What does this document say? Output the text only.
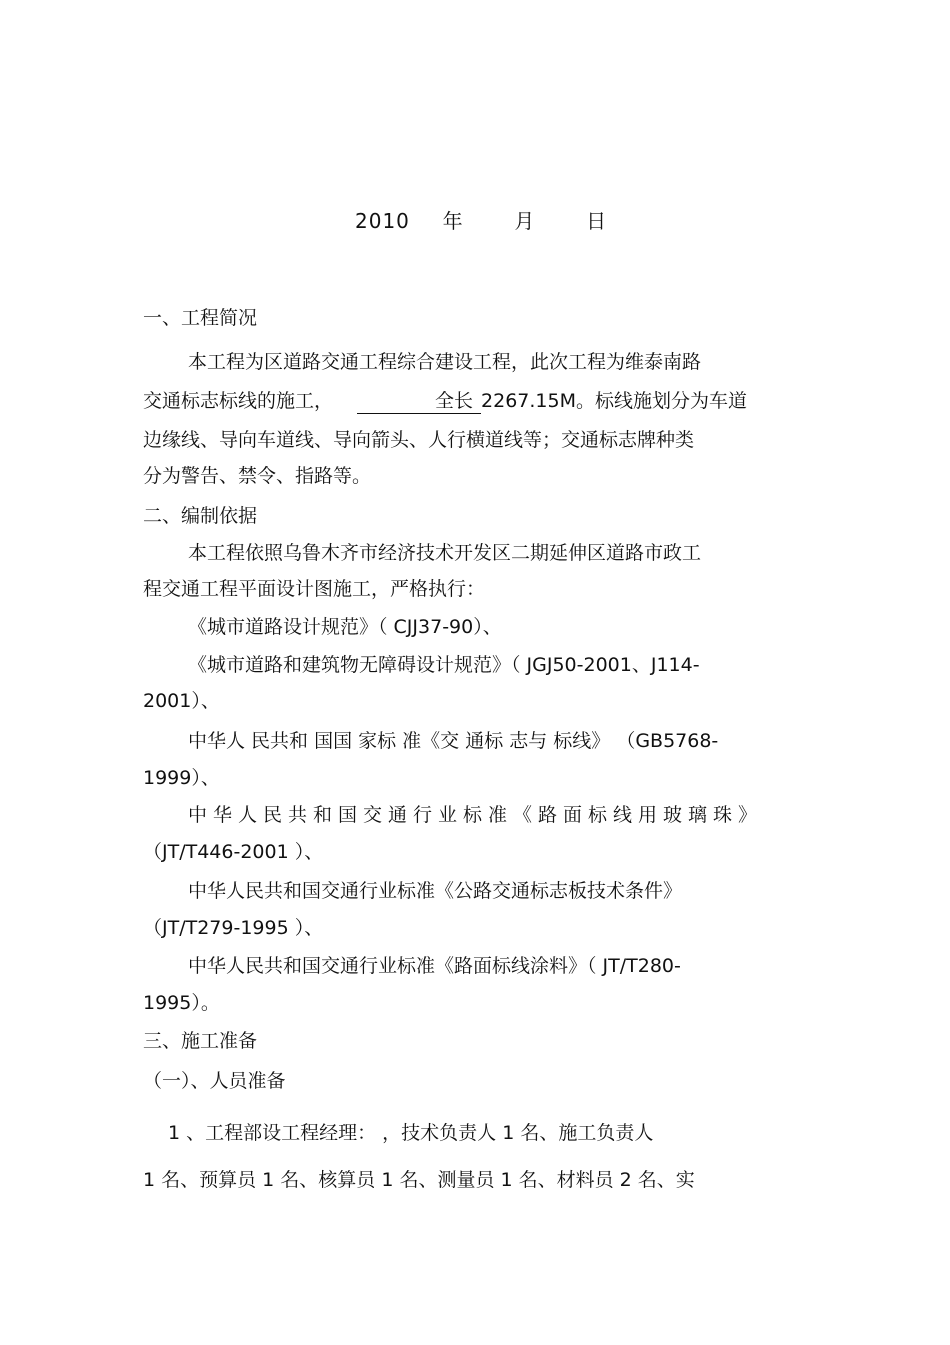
2010 年	月	日
一、工程简况
本工程为区道路交通工程综合建设工程，此次工程为维泰南路
交通标志标线的施工，	全长 2267.15M。标线施划分为车道
边缘线、导向车道线、导向箭头、人行横道线等；交通标志牌种类
分为警告、禁令、指路等。
二、编制依据
本工程依照乌鲁木齐市经济技术开发区二期延伸区道路市政工
程交通工程平面设计图施工，严格执行：
《城市道路设计规范》（ CJJ37-90）、
《城市道路和建筑物无障碍设计规范》（ JGJ50-2001、J114-
2001）、
中华人 民共和 国国 家标 准《交 通标 志与 标线》 （GB5768-
1999）、
中华人民共和国交通行业标准《路面标线用玻璃珠》
（JT/T446-2001 ）、
中华人民共和国交通行业标准《公路交通标志板技术条件》
（JT/T279-1995 ）、
中华人民共和国交通行业标准《路面标线涂料》（ JT/T280-
1995）。
三、施工准备
（一）、人员准备
1 、工程部设工程经理： ，技术负责人 1 名、施工负责人
1 名、预算员 1 名、核算员 1 名、测量员 1 名、材料员 2 名、实
